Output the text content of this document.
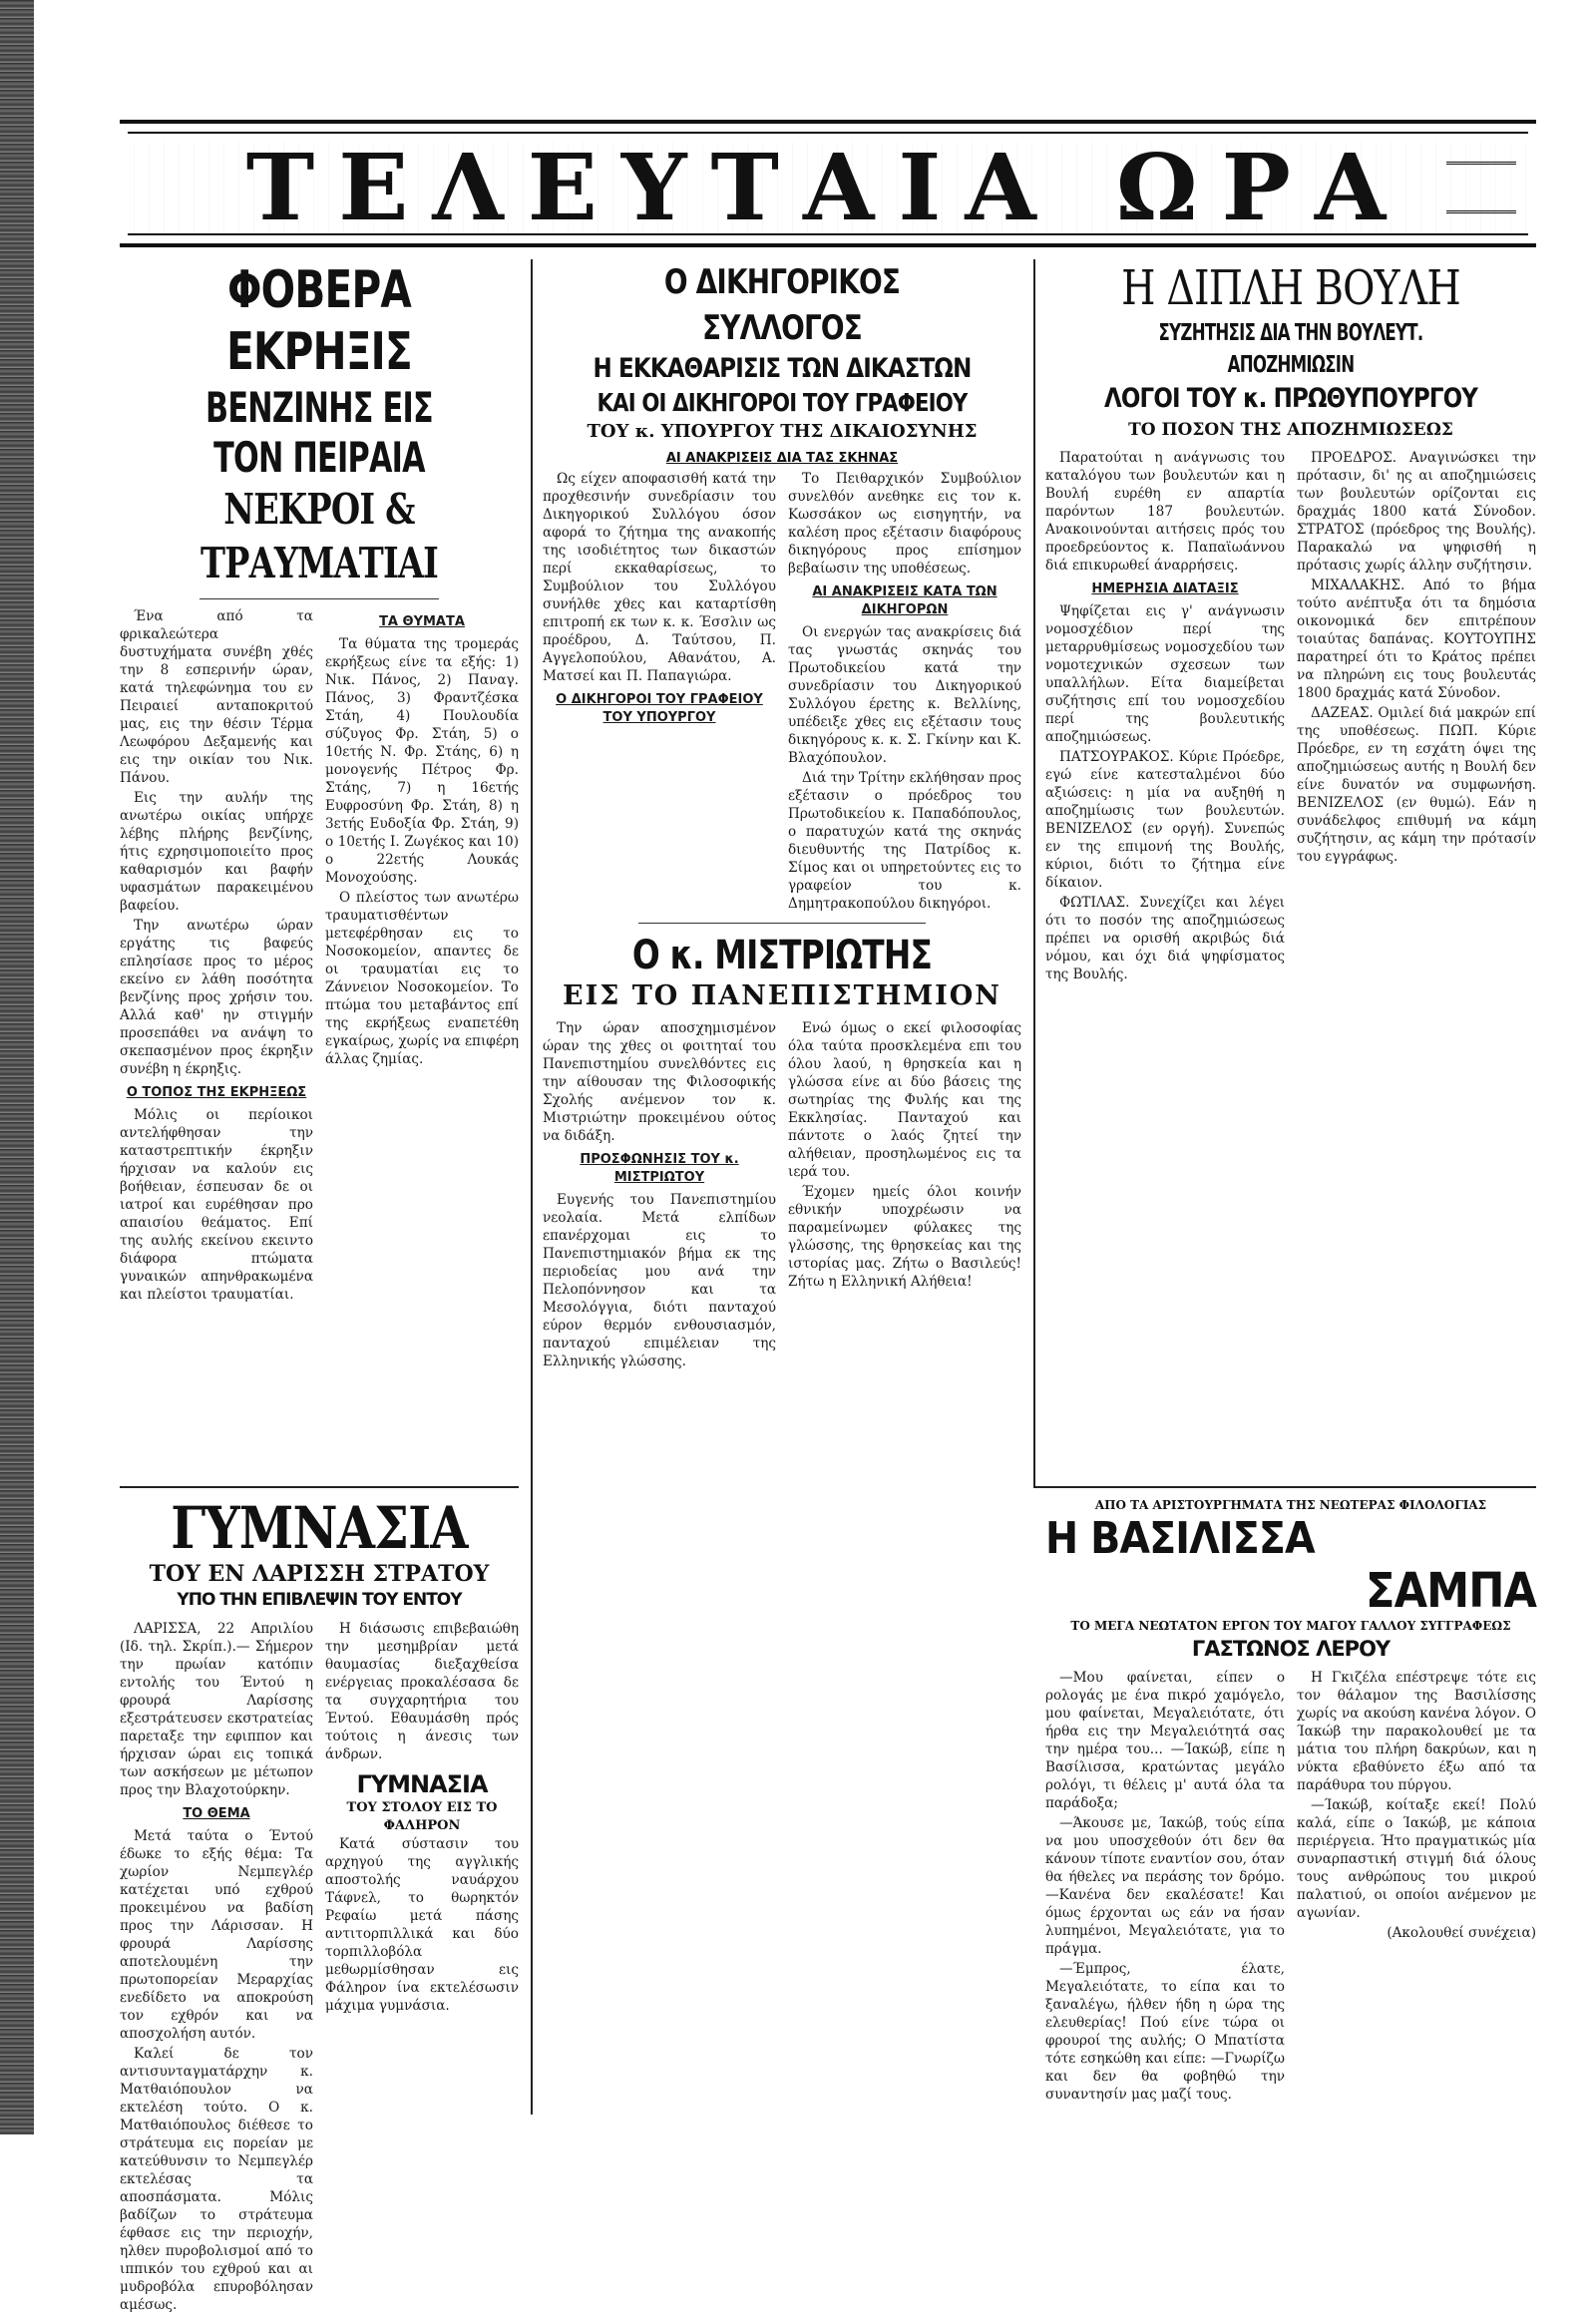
ΤΕΛΕΥΤΑΙΑ ΩΡΑ
ΦΟΒΕΡΑ ΕΚΡΗΞΙΣ
ΒΕΝΖΙΝΗΣ ΕΙΣ ΤΟΝ ΠΕΙΡΑΙΑ
ΝΕΚΡΟΙ & ΤΡΑΥΜΑΤΙΑΙ

Ένα από τα φρικαλεώτερα δυστυχήματα συνέβη χθές την 8 εσπερινήν ώραν, κατά τηλεφώνημα του εν Πειραιεί ανταποκριτού μας, εις την θέσιν Τέρμα Λεωφόρου Δεξαμενής και εις την οικίαν του Νικ. Πάνου.

Εις την αυλήν της ανωτέρω οικίας υπήρχε λέβης πλήρης βενζίνης, ήτις εχρησιμοποιείτο προς καθαρισμόν και βαφήν υφασμάτων παρακειμένου βαφείου.

Την ανωτέρω ώραν εργάτης τις βαφεύς επλησίασε προς το μέρος εκείνο εν λάθη ποσότητα βενζίνης προς χρήσιν του. Αλλά καθ' ην στιγμήν προσεπάθει να ανάψη το σκεπασμένον προς έκρηξιν συνέβη η έκρηξις.

Ο ΤΟΠΟΣ ΤΗΣ ΕΚΡΗΞΕΩΣ

Μόλις οι περίοικοι αντελήφθησαν την καταστρεπτικήν έκρηξιν ήρχισαν να καλούν εις βοήθειαν, έσπευσαν δε οι ιατροί και ευρέθησαν προ απαισίου θεάματος. Επί της αυλής εκείνου εκειντο διάφορα πτώματα γυναικών απηνθρακωμένα και πλείστοι τραυματίαι.

ΤΑ ΘΥΜΑΤΑ

Τα θύματα της τρομεράς εκρήξεως είνε τα εξής: 1) Νικ. Πάνος, 2) Παναγ. Πάνος, 3) Φραντζέσκα Στάη, 4) Πουλουδία σύζυγος Φρ. Στάη, 5) ο 10ετής Ν. Φρ. Στάης, 6) η μονογενής Πέτρος Φρ. Στάης, 7) η 16ετής Ευφροσύνη Φρ. Στάη, 8) η 3ετής Ευδοξία Φρ. Στάη, 9) ο 10ετής Ι. Ζωγέκος και 10) ο 22ετής Λουκάς Μονοχούσης.

Ο πλείστος των ανωτέρω τραυματισθέντων μετεφέρθησαν εις το Νοσοκομείον, απαντες δε οι τραυματίαι εις το Ζάννειον Νοσοκομείον. Το πτώμα του μεταβάντος επί της εκρήξεως εναπετέθη εγκαίρως, χωρίς να επιφέρη άλλας ζημίας.

ΓΥΜΝΑΣΙΑ
ΤΟΥ ΕΝ ΛΑΡΙΣΣΗ ΣΤΡΑΤΟΥ
ΥΠΟ ΤΗΝ ΕΠΙΒΛΕΨΙΝ ΤΟΥ ΕΝΤΟΥ

ΛΑΡΙΣΣΑ, 22 Απριλίου (Ιδ. τηλ. Σκρίπ.).— Σήμερον την πρωίαν κατόπιν εντολής του Έντού η φρουρά Λαρίσσης εξεστράτευσεν εκστρατείας παρεταξε την εφιππον και ήρχισαν ώραι εις τοπικά των ασκήσεων με μέτωπον προς την Βλαχοτούρκην.

ΤΟ ΘΕΜΑ

Μετά ταύτα ο Έντού έδωκε το εξής θέμα: Τα χωρίον Νεμπεγλέρ κατέχεται υπό εχθρού προκειμένου να βαδίση προς την Λάρισσαν. Η φρουρά Λαρίσσης αποτελουμένη την πρωτοπορείαν Μεραρχίας ενεδίδετο να αποκρούση τον εχθρόν και να αποσχολήση αυτόν.

Καλεί δε τον αντισυνταγματάρχην κ. Ματθαιόπουλον να εκτελέση τούτο. Ο κ. Ματθαιόπουλος διέθεσε το στράτευμα εις πορείαν με κατεύθυνσιν το Νεμπεγλέρ εκτελέσας τα αποσπάσματα. Μόλις βαδίζων το στράτευμα έφθασε εις την περιοχήν, ηλθεν πυροβολισμοί από το ιππικόν του εχθρού και αι μυδροβόλα επυροβόλησαν αμέσως.

Η διάσωσις επιβεβαιώθη την μεσημβρίαν μετά θαυμασίας διεξαχθείσα ενέργειας προκαλέσασα δε τα συγχαρητήρια του Έντού. Εθαυμάσθη πρός τούτοις η άνεσις των άνδρων.

ΓΥΜΝΑΣΙΑ
ΤΟΥ ΣΤΟΛΟΥ ΕΙΣ ΤΟ ΦΑΛΗΡΟΝ

Κατά σύστασιν του αρχηγού της αγγλικής αποστολής ναυάρχου Τάφνελ, το θωρηκτόν Ρεφαίω μετά πάσης αντιτορπιλλικά και δύο τορπιλλοβόλα μεθωρμίσθησαν εις Φάληρον ίνα εκτελέσωσιν μάχιμα γυμνάσια.

Ο ΔΙΚΗΓΟΡΙΚΟΣ ΣΥΛΛΟΓΟΣ
Η ΕΚΚΑΘΑΡΙΣΙΣ ΤΩΝ ΔΙΚΑΣΤΩΝ
ΚΑΙ ΟΙ ΔΙΚΗΓΟΡΟΙ ΤΟΥ ΓΡΑΦΕΙΟΥ
ΤΟΥ κ. ΥΠΟΥΡΓΟΥ ΤΗΣ ΔΙΚΑΙΟΣΥΝΗΣ
ΑΙ ΑΝΑΚΡΙΣΕΙΣ ΔΙΑ ΤΑΣ ΣΚΗΝΑΣ

Ως είχεν αποφασισθή κατά την προχθεσινήν συνεδρίασιν του Δικηγορικού Συλλόγου όσον αφορά το ζήτημα της ανακοπής της ισοδιέτητος των δικαστών περί εκκαθαρίσεως, το Συμβούλιον του Συλλόγου συνήλθε χθες και καταρτίσθη επιτροπή εκ των κ. κ. Έσσλιν ως προέδρου, Δ. Ταύτσου, Π. Αγγελοπούλου, Αθανάτου, Α. Ματσεί και Π. Παπαγιώρα.

Ο ΔΙΚΗΓΟΡΟΙ ΤΟΥ ΓΡΑΦΕΙΟΥ ΤΟΥ ΥΠΟΥΡΓΟΥ

Το Πειθαρχικόν Συμβούλιον συνελθόν ανεθηκε εις τον κ. Κωσσάκον ως εισηγητήν, να καλέση προς εξέτασιν διαφόρους δικηγόρους προς επίσημον βεβαίωσιν της υποθέσεως.

ΑΙ ΑΝΑΚΡΙΣΕΙΣ ΚΑΤΑ ΤΩΝ ΔΙΚΗΓΟΡΩΝ

Οι ενεργών τας ανακρίσεις διά τας γνωστάς σκηνάς του Πρωτοδικείου κατά την συνεδρίασιν του Δικηγορικού Συλλόγου έρετης κ. Βελλίνης, υπέδειξε χθες εις εξέτασιν τους δικηγόρους κ. κ. Σ. Γκίνην και Κ. Βλαχόπουλον.

Διά την Τρίτην εκλήθησαν προς εξέτασιν ο πρόεδρος του Πρωτοδικείου κ. Παπαδόπουλος, ο παρατυχών κατά της σκηνάς διευθυντής της Πατρίδος κ. Σίμος και οι υπηρετούντες εις το γραφείον του κ. Δημητρακοπούλου δικηγόροι.

Ο κ. ΜΙΣΤΡΙΩΤΗΣ
ΕΙΣ ΤΟ ΠΑΝΕΠΙΣΤΗΜΙΟΝ

Την ώραν αποσχημισμένον ώραν της χθες οι φοιτηταί του Πανεπιστημίου συνελθόντες εις την αίθουσαν της Φιλοσοφικής Σχολής ανέμενον τον κ. Μιστριώτην προκειμένου ούτος να διδάξη.

ΠΡΟΣΦΩΝΗΣΙΣ ΤΟΥ κ. ΜΙΣΤΡΙΩΤΟΥ

Ευγενής του Πανεπιστημίου νεολαία. Μετά ελπίδων επανέρχομαι εις το Πανεπιστημιακόν βήμα εκ της περιοδείας μου ανά την Πελοπόννησον και τα Μεσολόγγια, διότι πανταχού εύρον θερμόν ενθουσιασμόν, πανταχού επιμέλειαν της Ελληνικής γλώσσης.

Ενώ όμως ο εκεί φιλοσοφίας όλα ταύτα προσκλεμένα επι του όλου λαού, η θρησκεία και η γλώσσα είνε αι δύο βάσεις της σωτηρίας της Φυλής και της Εκκλησίας. Πανταχού και πάντοτε ο λαός ζητεί την αλήθειαν, προσηλωμένος εις τα ιερά του.

Έχομεν ημείς όλοι κοινήν εθνικήν υποχρέωσιν να παραμείνωμεν φύλακες της γλώσσης, της θρησκείας και της ιστορίας μας. Ζήτω ο Βασιλεύς! Ζήτω η Ελληνική Αλήθεια!

Η ΔΙΠΛΗ ΒΟΥΛΗ
ΣΥΖΗΤΗΣΙΣ ΔΙΑ ΤΗΝ ΒΟΥΛΕΥΤ. ΑΠΟΖΗΜΙΩΣΙΝ
ΛΟΓΟΙ ΤΟΥ κ. ΠΡΩΘΥΠΟΥΡΓΟΥ
ΤΟ ΠΟΣΟΝ ΤΗΣ ΑΠΟΖΗΜΙΩΣΕΩΣ

Παρατούται η ανάγνωσις του καταλόγου των βουλευτών και η Βουλή ευρέθη εν απαρτία παρόντων 187 βουλευτών. Ανακοινούνται αιτήσεις πρός του προεδρεύοντος κ. Παπαϊωάννου διά επικυρωθεί άναρρήσεις.

ΗΜΕΡΗΣΙΑ ΔΙΑΤΑΞΙΣ

Ψηφίζεται εις γ' ανάγνωσιν νομοσχέδιον περί της μεταρρυθμίσεως νομοσχεδίου των νομοτεχνικών σχεσεων των υπαλλήλων. Είτα διαμείβεται συζήτησις επί του νομοσχεδίου περί της βουλευτικής αποζημιώσεως.

ΠΑΤΣΟΥΡΑΚΟΣ. Κύριε Πρόεδρε, εγώ είνε κατεσταλμένοι δύο αξιώσεις: η μία να αυξηθή η αποζημίωσις των βουλευτών. ΒΕΝΙΖΕΛΟΣ (εν οργή). Συνεπώς εν της επιμονή της Βουλής, κύριοι, διότι το ζήτημα είνε δίκαιον.

ΦΩΤΙΛΑΣ. Συνεχίζει και λέγει ότι το ποσόν της αποζημιώσεως πρέπει να ορισθή ακριβώς διά νόμου, και όχι διά ψηφίσματος της Βουλής.

ΠΡΟΕΔΡΟΣ. Αναγινώσκει την πρότασιν, δι' ης αι αποζημιώσεις των βουλευτών ορίζονται εις δραχμάς 1800 κατά Σύνοδον. ΣΤΡΑΤΟΣ (πρόεδρος της Βουλής). Παρακαλώ να ψηφισθή η πρότασις χωρίς άλλην συζήτησιν.

ΜΙΧΑΛΑΚΗΣ. Από το βήμα τούτο ανέπτυξα ότι τα δημόσια οικονομικά δεν επιτρέπουν τοιαύτας δαπάνας. ΚΟΥΤΟΥΠΗΣ παρατηρεί ότι το Κράτος πρέπει να πληρώνη εις τους βουλευτάς 1800 δραχμάς κατά Σύνοδον.

ΔΑΖΕΑΣ. Ομιλεί διά μακρών επί της υποθέσεως. ΠΩΠ. Κύριε Πρόεδρε, εν τη εσχάτη όψει της αποζημιώσεως αυτής η Βουλή δεν είνε δυνατόν να συμφωνήση. ΒΕΝΙΖΕΛΟΣ (εν θυμώ). Εάν η συνάδελφος επιθυμή να κάμη συζήτησιν, ας κάμη την πρότασίν του εγγράφως.

ΑΠΟ ΤΑ ΑΡΙΣΤΟΥΡΓΗΜΑΤΑ ΤΗΣ ΝΕΩΤΕΡΑΣ ΦΙΛΟΛΟΓΙΑΣ
Η ΒΑΣΙΛΙΣΣΑ
ΣΑΜΠΑ
ΤΟ ΜΕΓΑ ΝΕΩΤΑΤΟΝ ΕΡΓΟΝ ΤΟΥ ΜΑΓΟΥ ΓΑΛΛΟΥ ΣΥΓΓΡΑΦΕΩΣ
ΓΑΣΤΩΝΟΣ ΛΕΡΟΥ

—Μου φαίνεται, είπεν ο ρολογάς με ένα πικρό χαμόγελο, μου φαίνεται, Μεγαλειότατε, ότι ήρθα εις την Μεγαλειότητά σας την ημέρα του... —Ίακώβ, είπε η Βασίλισσα, κρατώντας μεγάλο ρολόγι, τι θέλεις μ' αυτά όλα τα παράδοξα;

—Άκουσε με, Ίακώβ, τούς είπα να μου υποσχεθούν ότι δεν θα κάνουν τίποτε εναντίον σου, όταν θα ήθελες να περάσης τον δρόμο. —Κανένα δεν εκαλέσατε! Και όμως έρχονται ως εάν να ήσαν λυπημένοι, Μεγαλειότατε, για το πράγμα.

—Έμπρος, έλατε, Μεγαλειότατε, το είπα και το ξαναλέγω, ήλθεν ήδη η ώρα της ελευθερίας! Πού είνε τώρα οι φρουροί της αυλής; Ο Μπατίστα τότε εσηκώθη και είπε: —Γνωρίζω και δεν θα φοβηθώ την συναντησίν μας μαζί τους.

Η Γκιζέλα επέστρεψε τότε εις τον θάλαμον της Βασιλίσσης χωρίς να ακούση κανένα λόγον. Ο Ίακώβ την παρακολουθεί με τα μάτια του πλήρη δακρύων, και η νύκτα εβαθύνετο έξω από τα παράθυρα του πύργου.

—Ίακώβ, κοίταξε εκεί! Πολύ καλά, είπε ο Ίακώβ, με κάποια περιέργεια. Ήτο πραγματικώς μία συναρπαστική στιγμή διά όλους τους ανθρώπους του μικρού παλατιού, οι οποίοι ανέμενον με αγωνίαν.

(Ακολουθεί συνέχεια)
